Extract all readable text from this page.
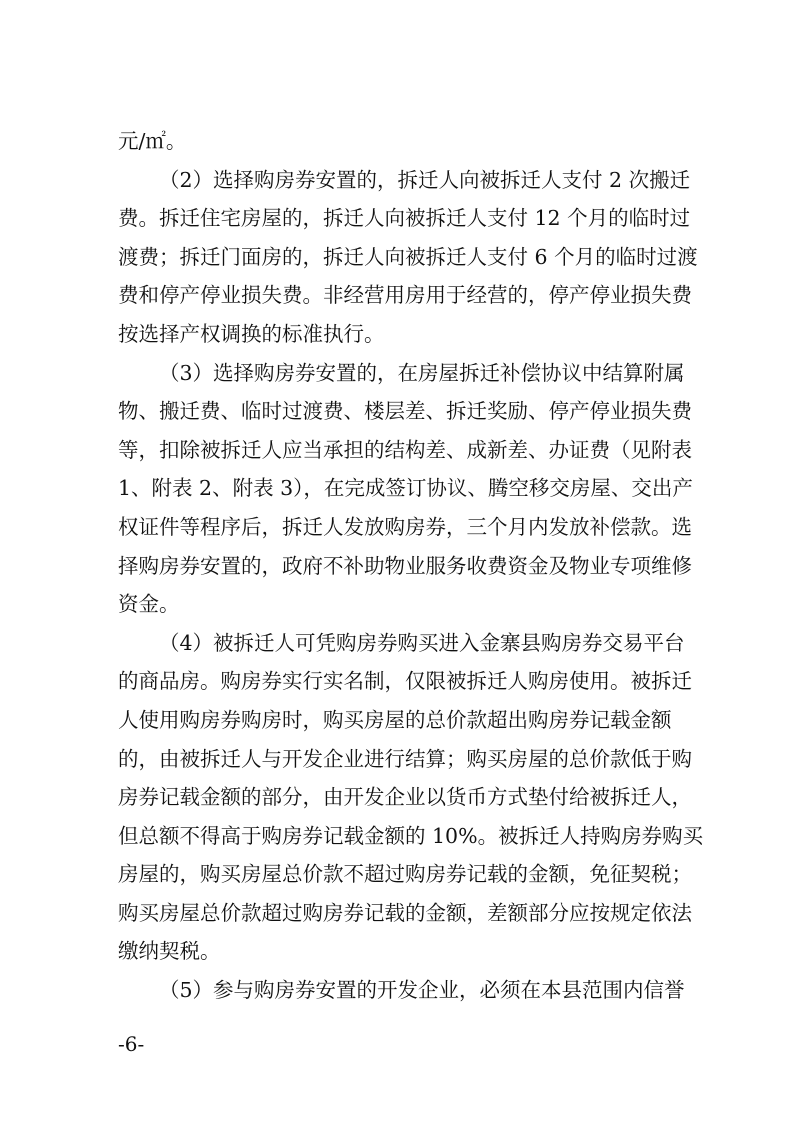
元/㎡。
（2）选择购房券安置的，拆迁人向被拆迁人支付 2 次搬迁
费。拆迁住宅房屋的，拆迁人向被拆迁人支付 12 个月的临时过
渡费；拆迁门面房的，拆迁人向被拆迁人支付 6 个月的临时过渡
费和停产停业损失费。非经营用房用于经营的，停产停业损失费
按选择产权调换的标准执行。
（3）选择购房券安置的，在房屋拆迁补偿协议中结算附属
物、搬迁费、临时过渡费、楼层差、拆迁奖励、停产停业损失费
等，扣除被拆迁人应当承担的结构差、成新差、办证费（见附表
1、附表 2、附表 3），在完成签订协议、腾空移交房屋、交出产
权证件等程序后，拆迁人发放购房券，三个月内发放补偿款。选
择购房券安置的，政府不补助物业服务收费资金及物业专项维修
资金。
（4）被拆迁人可凭购房券购买进入金寨县购房券交易平台
的商品房。购房券实行实名制，仅限被拆迁人购房使用。被拆迁
人使用购房券购房时，购买房屋的总价款超出购房券记载金额
的，由被拆迁人与开发企业进行结算；购买房屋的总价款低于购
房券记载金额的部分，由开发企业以货币方式垫付给被拆迁人，
但总额不得高于购房券记载金额的 10%。被拆迁人持购房券购买
房屋的，购买房屋总价款不超过购房券记载的金额，免征契税；
购买房屋总价款超过购房券记载的金额，差额部分应按规定依法
缴纳契税。
（5）参与购房券安置的开发企业，必须在本县范围内信誉
-6-
